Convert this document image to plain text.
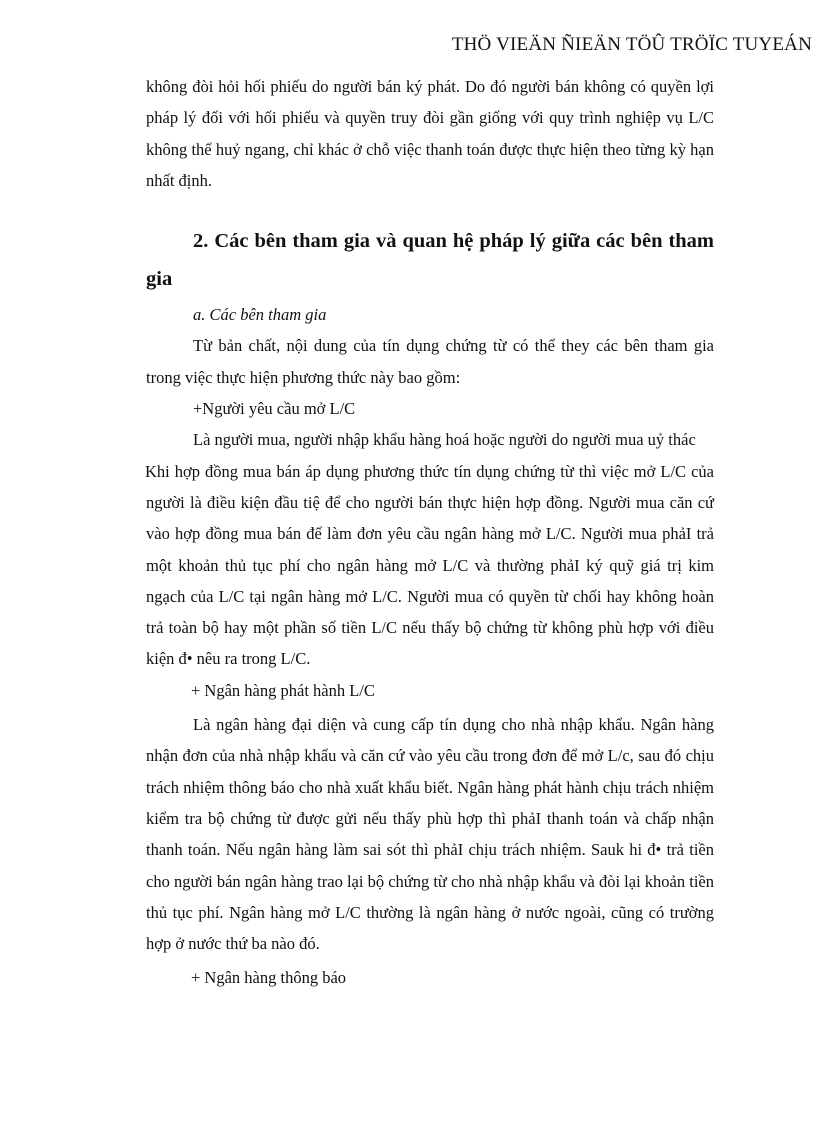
THÖ VIEÄN ÑIEÄN TÖÛ TRÖÏC TUYEÁN

không đòi hỏi hối phiếu do người bán ký phát. Do đó người bán không có quyền lợi pháp lý đối với hối phiếu và quyền truy đòi gần giống với quy trình nghiệp vụ L/C không thể huỷ ngang, chỉ khác ở chỗ việc thanh toán được thực hiện theo từng kỳ hạn nhất định.

2. Các bên tham gia và quan hệ pháp lý giữa các bên tham gia

a. Các bên tham gia

Từ bản chất, nội dung của tín dụng chứng từ có thể they các bên tham gia trong việc thực hiện phương thức này bao gồm:

+Người yêu cầu mở L/C

Là người mua, người nhập khẩu hàng hoá hoặc người do người mua uỷ thác

Khi hợp đồng mua bán áp dụng phương thức tín dụng chứng từ thì việc mở L/C của người là điều kiện đầu tiệ để cho người bán thực hiện hợp đồng. Người mua căn cứ vào hợp đồng mua bán để làm đơn yêu cầu ngân hàng mở L/C. Người mua phảI trả một khoản thủ tục phí cho ngân hàng mở L/C và thường phảI ký quỹ giá trị kim ngạch của L/C tại ngân hàng mở L/C. Người mua có quyền từ chối hay không hoàn trả toàn bộ hay một phần số tiền L/C nếu thấy bộ chứng từ không phù hợp với điều kiện đ• nêu ra trong L/C.

+ Ngân hàng phát hành L/C

Là ngân hàng đại diện và cung cấp tín dụng cho nhà nhập khẩu. Ngân hàng nhận đơn của nhà nhập khẩu và căn cứ vào yêu cầu trong đơn để mở L/c, sau đó chịu trách nhiệm thông báo cho nhà xuất khẩu biết. Ngân hàng phát hành chịu trách nhiệm kiểm tra bộ chứng từ được gửi nếu thấy phù hợp thì phảI thanh toán và chấp nhận thanh toán. Nếu ngân hàng làm sai sót thì phảI chịu trách nhiệm. Sauk hi đ• trả tiền cho người bán ngân hàng trao lại bộ chứng từ cho nhà nhập khẩu và đòi lại khoản tiền thủ tục phí. Ngân hàng mở L/C thường là ngân hàng ở nước ngoài, cũng có trường hợp ở nước thứ ba nào đó.

+ Ngân hàng thông báo
